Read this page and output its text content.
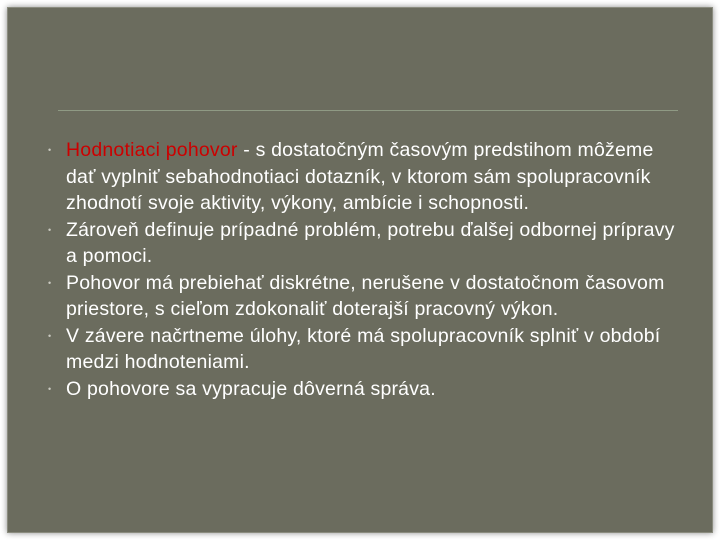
• Hodnotiaci pohovor - s dostatočným časovým predstihom môžeme dať vyplniť sebahodnotiaci dotazník, v ktorom sám spolupracovník zhodnotí svoje aktivity, výkony, ambície i schopnosti.
• Zároveň definuje prípadné problém, potrebu ďalšej odbornej prípravy a pomoci.
• Pohovor má prebiehať diskrétne, nerušene v dostatočnom časovom priestore, s cieľom zdokonaliť doterajší pracovný výkon.
• V závere načrtneme úlohy, ktoré má spolupracovník splniť v období medzi hodnoteniami.
• O pohovore sa vypracuje dôverná správa.
